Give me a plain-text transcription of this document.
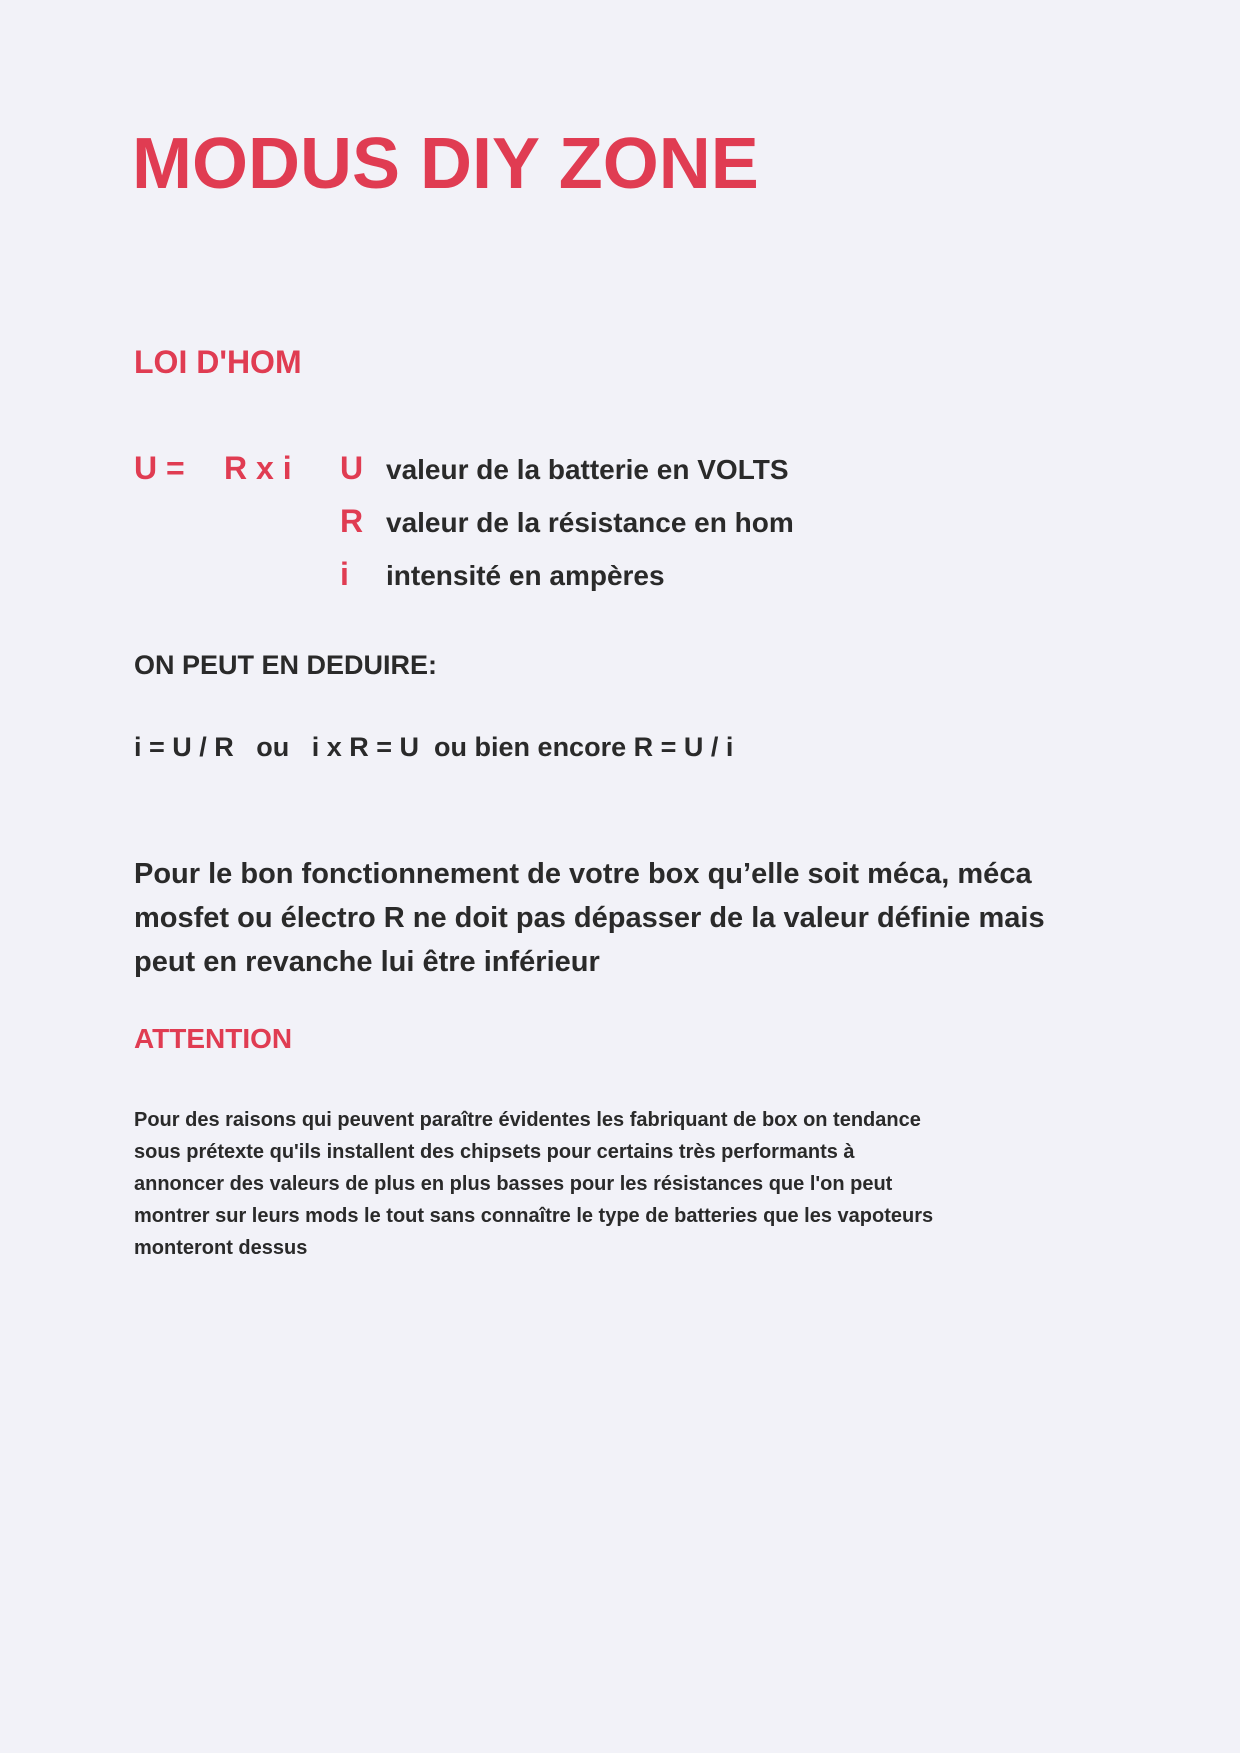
MODUS DIY ZONE
LOI D'HOM
U = R x i U valeur de la batterie en VOLTS
R valeur de la résistance en hom
i intensité en ampères

ON PEUT EN DEDUIRE:

i = U / R   ou   i x R = U  ou bien encore R = U / i

Pour le bon fonctionnement de votre box qu’elle soit méca, méca
mosfet ou électro R ne doit pas dépasser de la valeur définie mais
peut en revanche lui être inférieur

ATTENTION

Pour des raisons qui peuvent paraître évidentes les fabriquant de box on tendance
sous prétexte qu'ils installent des chipsets pour certains très performants à
annoncer des valeurs de plus en plus basses pour les résistances que l'on peut
montrer sur leurs mods le tout sans connaître le type de batteries que les vapoteurs
monteront dessus
